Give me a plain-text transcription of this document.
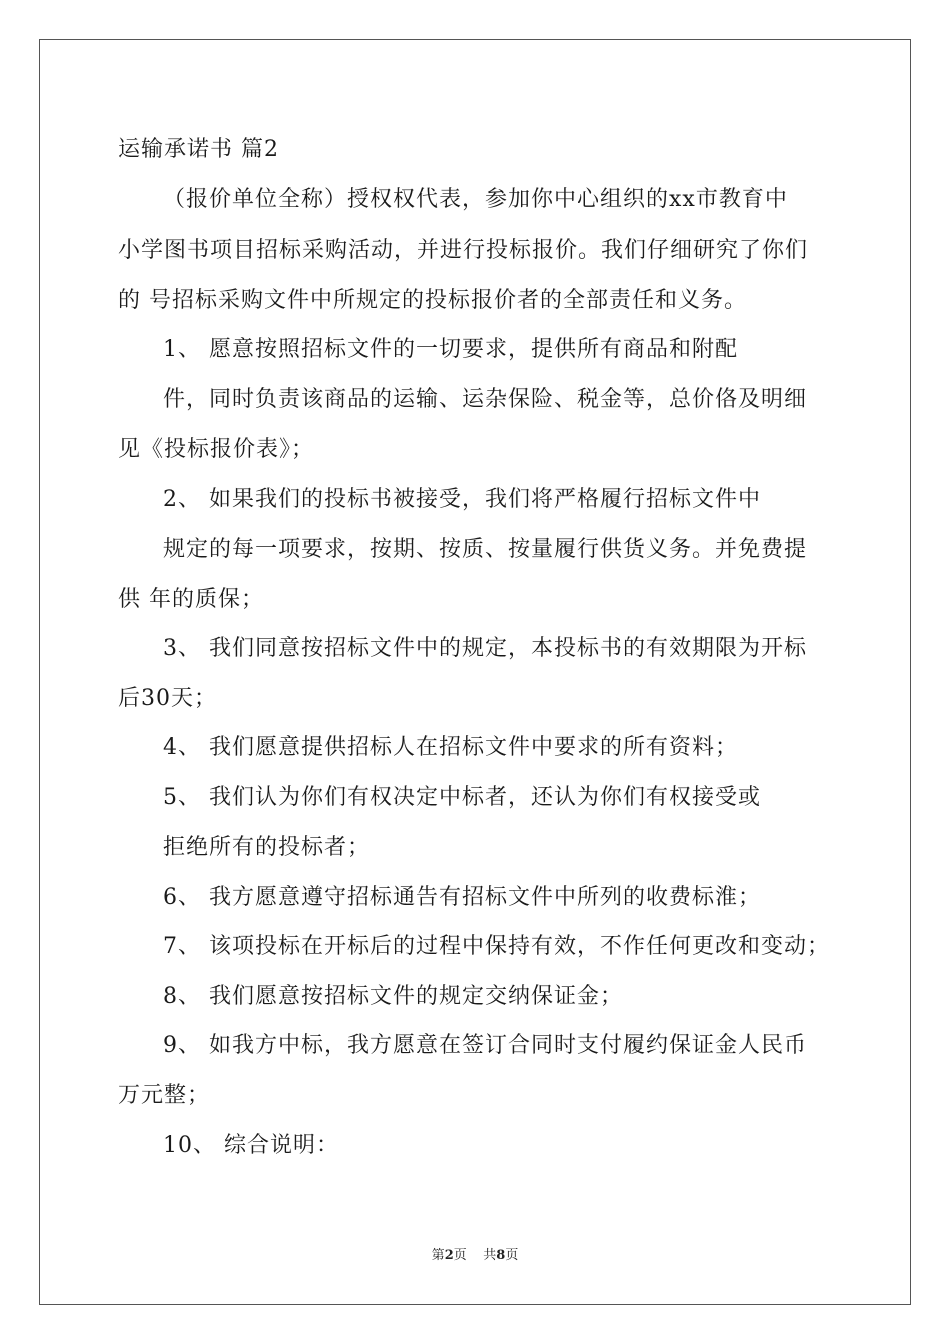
运输承诺书 篇2
（报价单位全称）授权权代表，参加你中心组织的xx市教育中
小学图书项目招标采购活动，并进行投标报价。我们仔细研究了你们
的 号招标采购文件中所规定的投标报价者的全部责任和义务。
1、 愿意按照招标文件的一切要求，提供所有商品和附配
件，同时负责该商品的运输、运杂保险、税金等，总价佫及明细
见《投标报价表》；
2、 如果我们的投标书被接受，我们将严格履行招标文件中
规定的每一项要求，按期、按质、按量履行供货义务。并免费提
供 年的质保；
3、 我们同意按招标文件中的规定，本投标书的有效期限为开标
后30天；
4、 我们愿意提供招标人在招标文件中要求的所有资料；
5、 我们认为你们有权决定中标者，还认为你们有权接受或
拒绝所有的投标者；
6、 我方愿意遵守招标通告有招标文件中所列的收费标淮；
7、 该项投标在开标后的过程中保持有效，不作任何更改和变动；
8、 我们愿意按招标文件的规定交纳保证金；
9、 如我方中标，我方愿意在签订合同时支付履约保证金人民币
万元整；
10、 综合说明：
第2页    共8页
